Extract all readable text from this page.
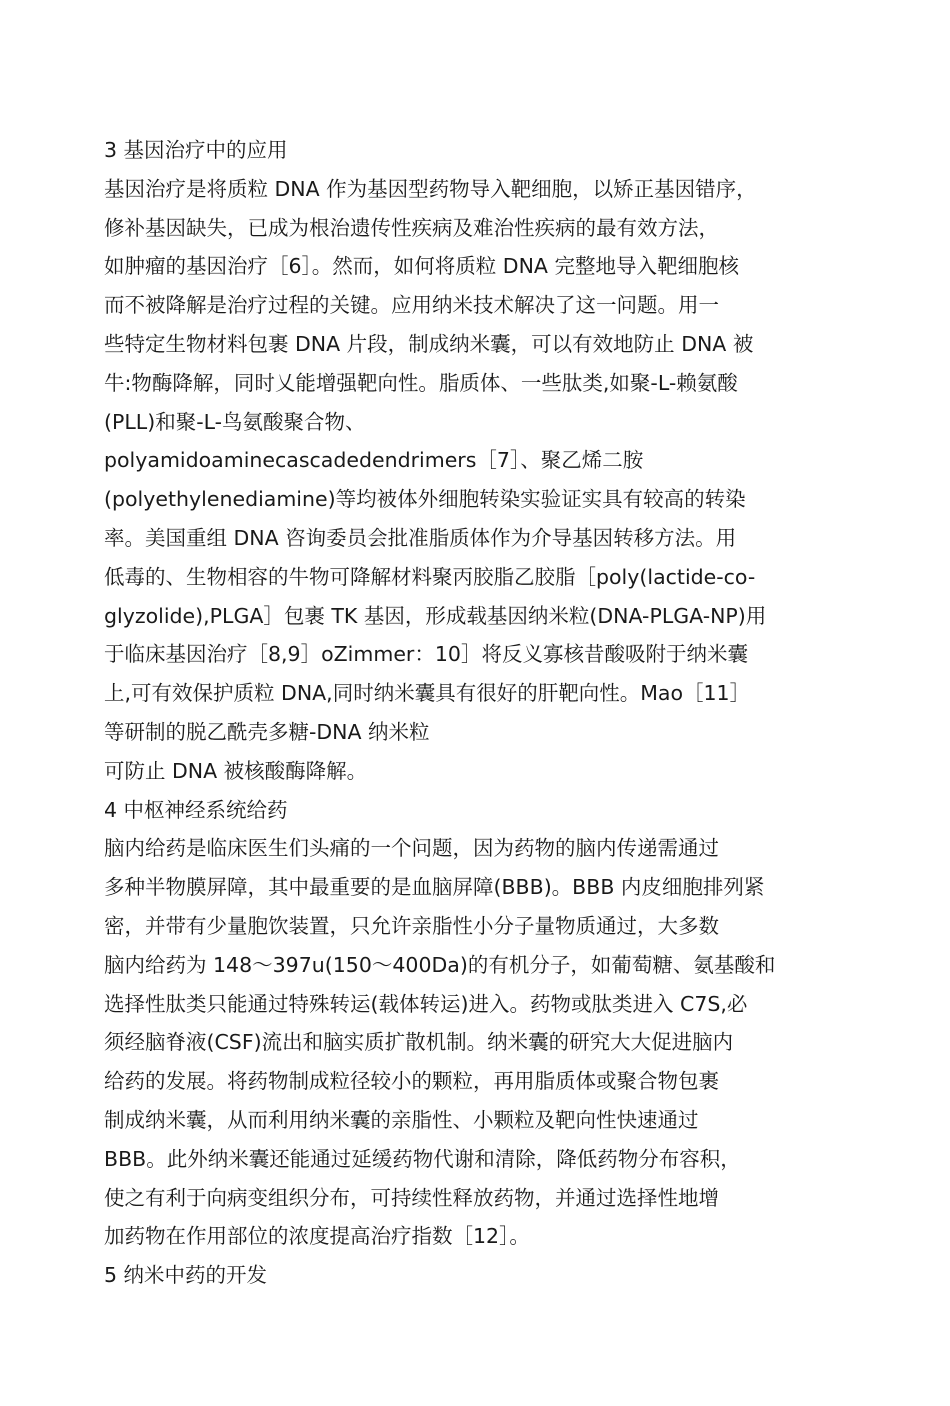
3 基因治疗中的应用
基因治疗是将质粒 DNA 作为基因型药物导入靶细胞，以矫正基因错序，
修补基因缺失，已成为根治遗传性疾病及难治性疾病的最有效方法，
如肿瘤的基因治疗［6］。然而，如何将质粒 DNA 完整地导入靶细胞核
而不被降解是治疗过程的关键。应用纳米技术解决了这一问题。用一
些特定生物材料包裹 DNA 片段，制成纳米囊，可以有效地防止 DNA 被
牛:物酶降解，同时乂能增强靶向性。脂质体、一些肽类,如聚-L-赖氨酸
(PLL)和聚-L-鸟氨酸聚合物、
polyamidoaminecascadedendrimers［7］、聚乙烯二胺
(polyethylenediamine)等均被体外细胞转染实验证实具有较高的转染
率。美国重组 DNA 咨询委员会批准脂质体作为介导基因转移方法。用
低毒的、生物相容的牛物可降解材料聚丙胶脂乙胶脂［poly(lactide-co-
glyzolide),PLGA］包裹 TK 基因，形成载基因纳米粒(DNA-PLGA-NP)用
于临床基因治疗［8,9］oZimmer：10］将反义寡核昔酸吸附于纳米囊
上,可有效保护质粒 DNA,同时纳米囊具有很好的肝靶向性。Mao［11］
等研制的脱乙酰壳多糖-DNA 纳米粒
可防止 DNA 被核酸酶降解。
4 中枢神经系统给药
脑内给药是临床医生们头痛的一个问题，因为药物的脑内传递需通过
多种半物膜屏障，其中最重要的是血脑屏障(BBB)。BBB 内皮细胞排列紧
密，并带有少量胞饮装置，只允许亲脂性小分子量物质通过，大多数
脑内给药为 148〜397u(150〜400Da)的有机分子，如葡萄糖、氨基酸和
选择性肽类只能通过特殊转运(载体转运)进入。药物或肽类进入 C7S,必
须经脑脊液(CSF)流出和脑实质扩散机制。纳米囊的研究大大促进脑内
给药的发展。将药物制成粒径较小的颗粒，再用脂质体或聚合物包裹
制成纳米囊，从而利用纳米囊的亲脂性、小颗粒及靶向性快速通过
BBB。此外纳米囊还能通过延缓药物代谢和清除，降低药物分布容积，
使之有利于向病变组织分布，可持续性释放药物，并通过选择性地增
加药物在作用部位的浓度提高治疗指数［12］。
5 纳米中药的开发
